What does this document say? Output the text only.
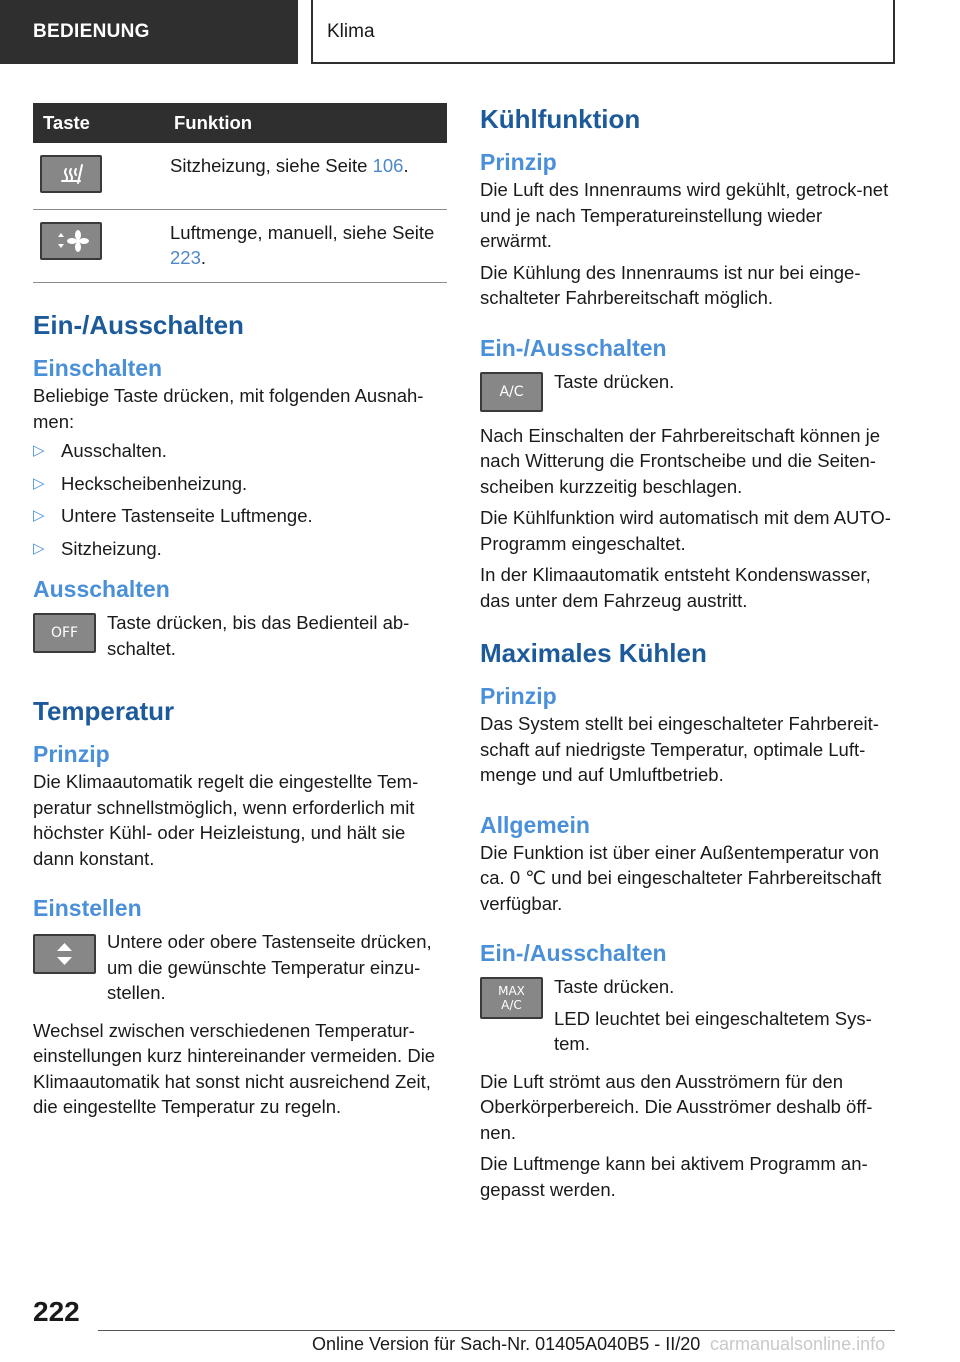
BEDIENUNG	Klima
Taste	Funktion
	Sitzheizung, siehe Seite 106.
	Luftmenge, manuell, siehe Seite 223.
Ein-/Ausschalten
Einschalten

Beliebige Taste drücken, mit folgenden Ausnah-men:

▷ Ausschalten.
▷ Heckscheibenheizung.
▷ Untere Tastenseite Luftmenge.
▷ Sitzheizung.
Ausschalten
OFF	Taste drücken, bis das Bedienteil ab-schaltet.

Temperatur
Prinzip

Die Klimaautomatik regelt die eingestellte Tem-peratur schnellstmöglich, wenn erforderlich mit höchster Kühl- oder Heizleistung, und hält sie dann konstant.

Einstellen

Untere oder obere Tastenseite drücken, um die gewünschte Temperatur einzu-stellen.

Wechsel zwischen verschiedenen Temperatur-einstellungen kurz hintereinander vermeiden. Die Klimaautomatik hat sonst nicht ausreichend Zeit, die eingestellte Temperatur zu regeln.

Kühlfunktion
Prinzip

Die Luft des Innenraums wird gekühlt, getrock-net und je nach Temperatureinstellung wieder erwärmt.

Die Kühlung des Innenraums ist nur bei einge-schalteter Fahrbereitschaft möglich.

Ein-/Ausschalten
A/C	Taste drücken.

Nach Einschalten der Fahrbereitschaft können je nach Witterung die Frontscheibe und die Seiten-scheiben kurzzeitig beschlagen.

Die Kühlfunktion wird automatisch mit dem AUTO-Programm eingeschaltet.

In der Klimaautomatik entsteht Kondenswasser, das unter dem Fahrzeug austritt.

Maximales Kühlen
Prinzip

Das System stellt bei eingeschalteter Fahrbereit-schaft auf niedrigste Temperatur, optimale Luft-menge und auf Umluftbetrieb.

Allgemein

Die Funktion ist über einer Außentemperatur von ca. 0 ℃ und bei eingeschalteter Fahrbereitschaft verfügbar.

Ein-/Ausschalten
MAX
A/C

Taste drücken.

LED leuchtet bei eingeschaltetem Sys-tem.

Die Luft strömt aus den Ausströmern für den Oberkörperbereich. Die Ausströmer deshalb öff-nen.

Die Luftmenge kann bei aktivem Programm an-gepasst werden.

222
Online Version für Sach-Nr. 01405A040B5 - II/20 carmanualsonline.info
